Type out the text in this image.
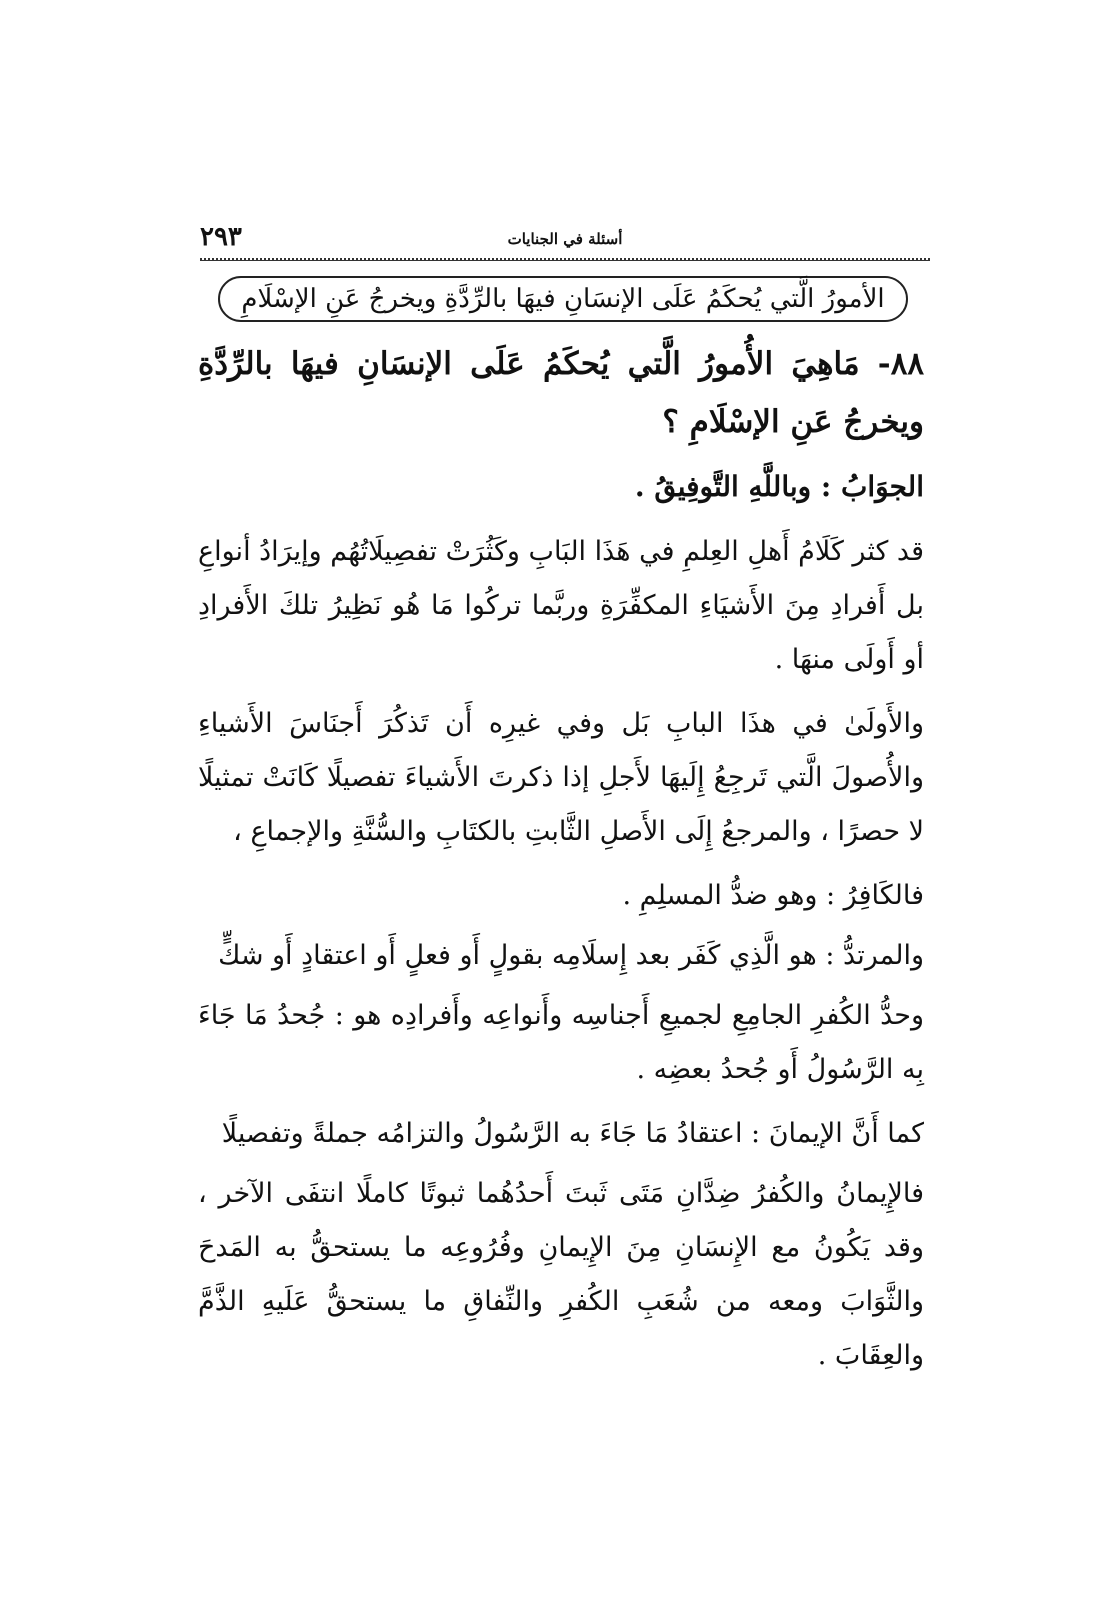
٢٩٣	أسئلة في الجنايات
الأمورُ الَّتي يُحكَمُ عَلَى الإنسَانِ فيهَا بالرِّدَّةِ ويخرجُ عَنِ الإسْلَامِ

٨٨- مَاهِيَ الأُمورُ الَّتي يُحكَمُ عَلَى الإنسَانِ فيهَا بالرِّدَّةِ ويخرجُ عَنِ الإسْلَامِ ؟

الجوَابُ : وباللَّهِ التَّوفِيقُ .

قد كثر كَلَامُ أَهلِ العِلمِ في هَذَا البَابِ وكَثُرَتْ تفصِيلَاتُهُم وإيرَادُ أنواعِ بل أَفرادِ مِنَ الأَشيَاءِ المكفِّرَةِ وربَّما تركُوا مَا هُو نَظِيرُ تلكَ الأَفرادِ أو أَولَى منهَا .

والأَولَىٰ في هذَا البابِ بَل وفي غيرِه أَن تَذكُرَ أَجنَاسَ الأَشياءِ والأُصولَ الَّتي تَرجِعُ إِلَيهَا لأَجلِ إذا ذكرتَ الأَشياءَ تفصيلًا كَانَتْ تمثيلًا لا حصرًا ، والمرجعُ إِلَى الأَصلِ الثَّابتِ بالكتَابِ والسُّنَّةِ والإجماعِ ،

فالكَافِرُ : وهو ضدُّ المسلِمِ .

والمرتدُّ : هو الَّذِي كَفَر بعد إِسلَامِه بقولٍ أَو فعلٍ أَو اعتقادٍ أَو شكٍّ

وحدُّ الكُفرِ الجامِعِ لجميعِ أَجناسِه وأَنواعِه وأَفرادِه هو : جُحدُ مَا جَاءَ بِه الرَّسُولُ أَو جُحدُ بعضِه .

كما أَنَّ الإيمانَ : اعتقادُ مَا جَاءَ به الرَّسُولُ والتزامُه جملةً وتفصيلًا

فالإِيمانُ والكُفرُ ضِدَّانِ مَتَى ثَبتَ أَحدُهُما ثبوتًا كاملًا انتفَى الآخر ، وقد يَكُونُ مع الإِنسَانِ مِنَ الإِيمانِ وفُرُوعِه ما يستحقُّ به المَدحَ والثَّوَابَ ومعه من شُعَبِ الكُفرِ والنِّفاقِ ما يستحقُّ عَلَيهِ الذَّمَّ والعِقَابَ .
